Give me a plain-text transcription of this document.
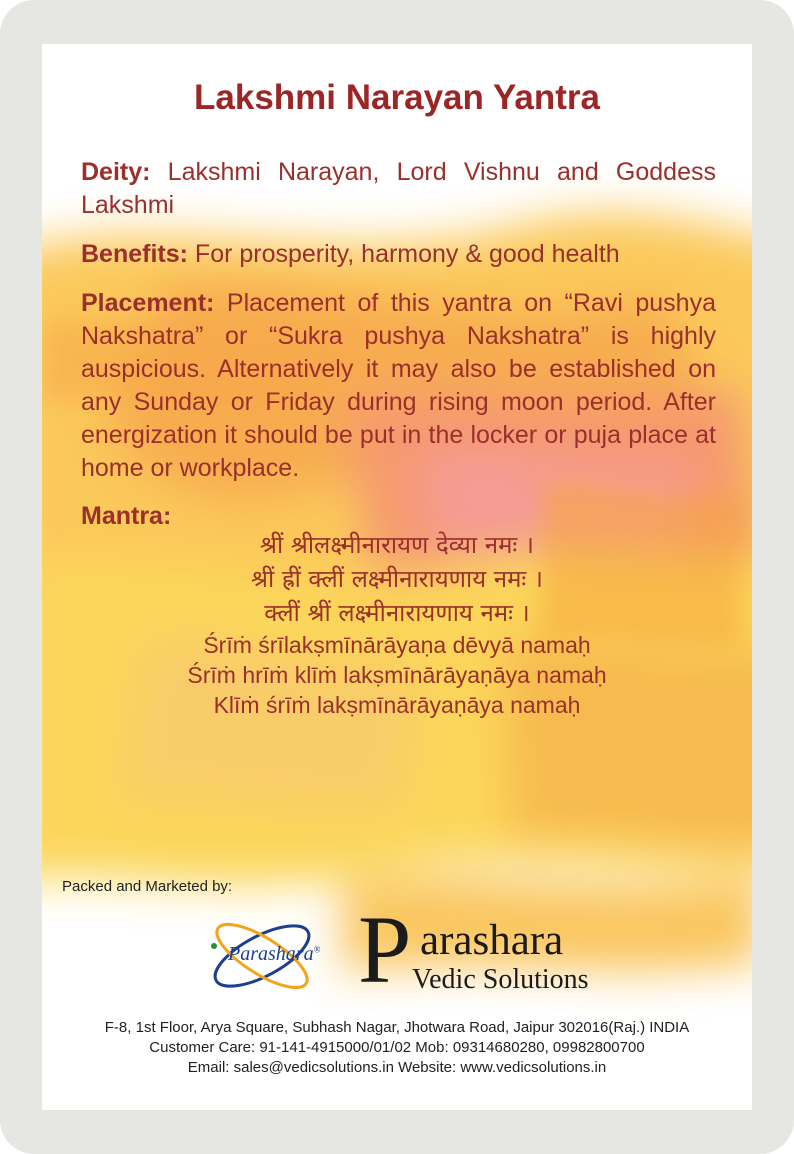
Lakshmi Narayan Yantra

Deity: Lakshmi Narayan, Lord Vishnu and Goddess Lakshmi

Benefits: For prosperity, harmony & good health

Placement: Placement of this yantra on “Ravi pushya Nakshatra” or “Sukra pushya Nakshatra” is highly auspicious. Alternatively it may also be established on any Sunday or Friday during rising moon period. After energization it should be put in the locker or puja place at home or workplace.

Mantra:

श्रीं श्रीलक्ष्मीनारायण देव्या नमः ।
श्रीं ह्रीं क्लीं लक्ष्मीनारायणाय नमः ।
क्लीं श्रीं लक्ष्मीनारायणाय नमः ।
Śrīṁ śrīlakṣmīnārāyaṇa dēvyā namaḥ
Śrīṁ hrīṁ klīṁ lakṣmīnārāyaṇāya namaḥ
Klīṁ śrīṁ lakṣmīnārāyaṇāya namaḥ

Packed and Marketed by:

Parashara® P arashara
Vedic Solutions

F-8, 1st Floor, Arya Square, Subhash Nagar, Jhotwara Road, Jaipur 302016(Raj.) INDIA

Customer Care: 91-141-4915000/01/02 Mob: 09314680280, 09982800700

Email: sales@vedicsolutions.in Website: www.vedicsolutions.in
